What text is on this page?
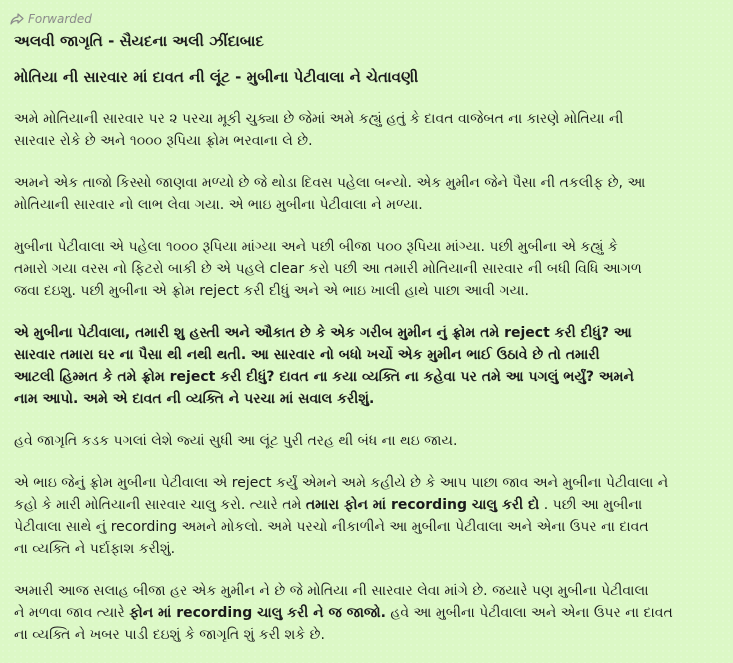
Forwarded

અલવી જાગૃતિ - સૈયદના અલી ઝીંદાબાદ

મોતિયા ની સારવાર માં દાવત ની લૂંટ - મુબીના પેટીવાલા ને ચેતાવણી

અમે મોતિયાની સારવાર પર ૨ પરચા મૂકી ચુક્યા છે જેમાં અમે કહ્યું હતું કે દાવત વાજેબત ના કારણે મોતિયા ની
સારવાર રોકે છે અને ૧૦૦૦ રૂપિયા ફ્રોમ ભરવાના લે છે.

અમને એક તાજો કિસ્સો જાણવા મળ્યો છે જે થોડા દિવસ પહેલા બન્યો. એક મુમીન જેને પૈસા ની તકલીફ છે, આ
મોતિયાની સારવાર નો લાભ લેવા ગયા. એ ભાઇ મુબીના પેટીવાલા ને મળ્યા.

મુબીના પેટીવાલા એ પહેલા ૧૦૦૦ રૂપિયા માંગ્યા અને પછી બીજા ૫૦૦ રૂપિયા માંગ્યા. પછી મુબીના એ કહ્યું કે
તમારો ગયા વરસ નો ફિટરો બાકી છે એ પહલે clear કરો પછી આ તમારી મોતિયાની સારવાર ની બધી વિધિ આગળ
જવા દઇશુ. પછી મુબીના એ ફ્રોમ reject કરી દીધું અને એ ભાઇ ખાલી હાથે પાછા આવી ગયા.

એ મુબીના પેટીવાલા, તમારી શુ હસ્તી અને ઔકાત છે કે એક ગરીબ મુમીન નું ફ્રોમ તમે reject કરી દીધું? આ
સારવાર તમારા ઘર ના પૈસા થી નથી થતી. આ સારવાર નો બધો ખર્ચો એક મુમીન ભાઈ ઉઠાવે છે તો તમારી
આટલી હિમ્મત કે તમે ફ્રોમ reject કરી દીધું? દાવત ના કયા વ્યક્તિ ના કહેવા પર તમે આ પગલું ભર્યું? અમને
નામ આપો. અમે એ દાવત ની વ્યક્તિ ને પરચા માં સવાલ કરીશું.

હવે જાગૃતિ કડક પગલાં લેશે જ્યાં સુધી આ લૂંટ પુરી તરહ થી બંધ ના થઇ જાય.

એ ભાઇ જેનું ફ્રોમ મુબીના પેટીવાલા એ reject કર્યું એમને અમે કહીયે છે કે આપ પાછા જાવ અને મુબીના પેટીવાલા ને
કહો કે મારી મોતિયાની સારવાર ચાલુ કરો. ત્યારે તમે તમારા ફોન માં recording ચાલુ કરી દો . પછી આ મુબીના
પેટીવાલા સાથે નું recording અમને મોકલો. અમે પરચો નીકાળીને આ મુબીના પેટીવાલા અને એના ઉપર ના દાવત
ના વ્યક્તિ ને પર્દાફાશ કરીશું.

અમારી આજ સલાહ બીજા હર એક મુમીન ને છે જે મોતિયા ની સારવાર લેવા માંગે છે. જયારે પણ મુબીના પેટીવાલા
ને મળવા જાવ ત્યારે ફોન માં recording ચાલુ કરી ને જ જાજો. હવે આ મુબીના પેટીવાલા અને એના ઉપર ના દાવત
ના વ્યક્તિ ને ખબર પાડી દઇશું કે જાગૃતિ શું કરી શકે છે.
